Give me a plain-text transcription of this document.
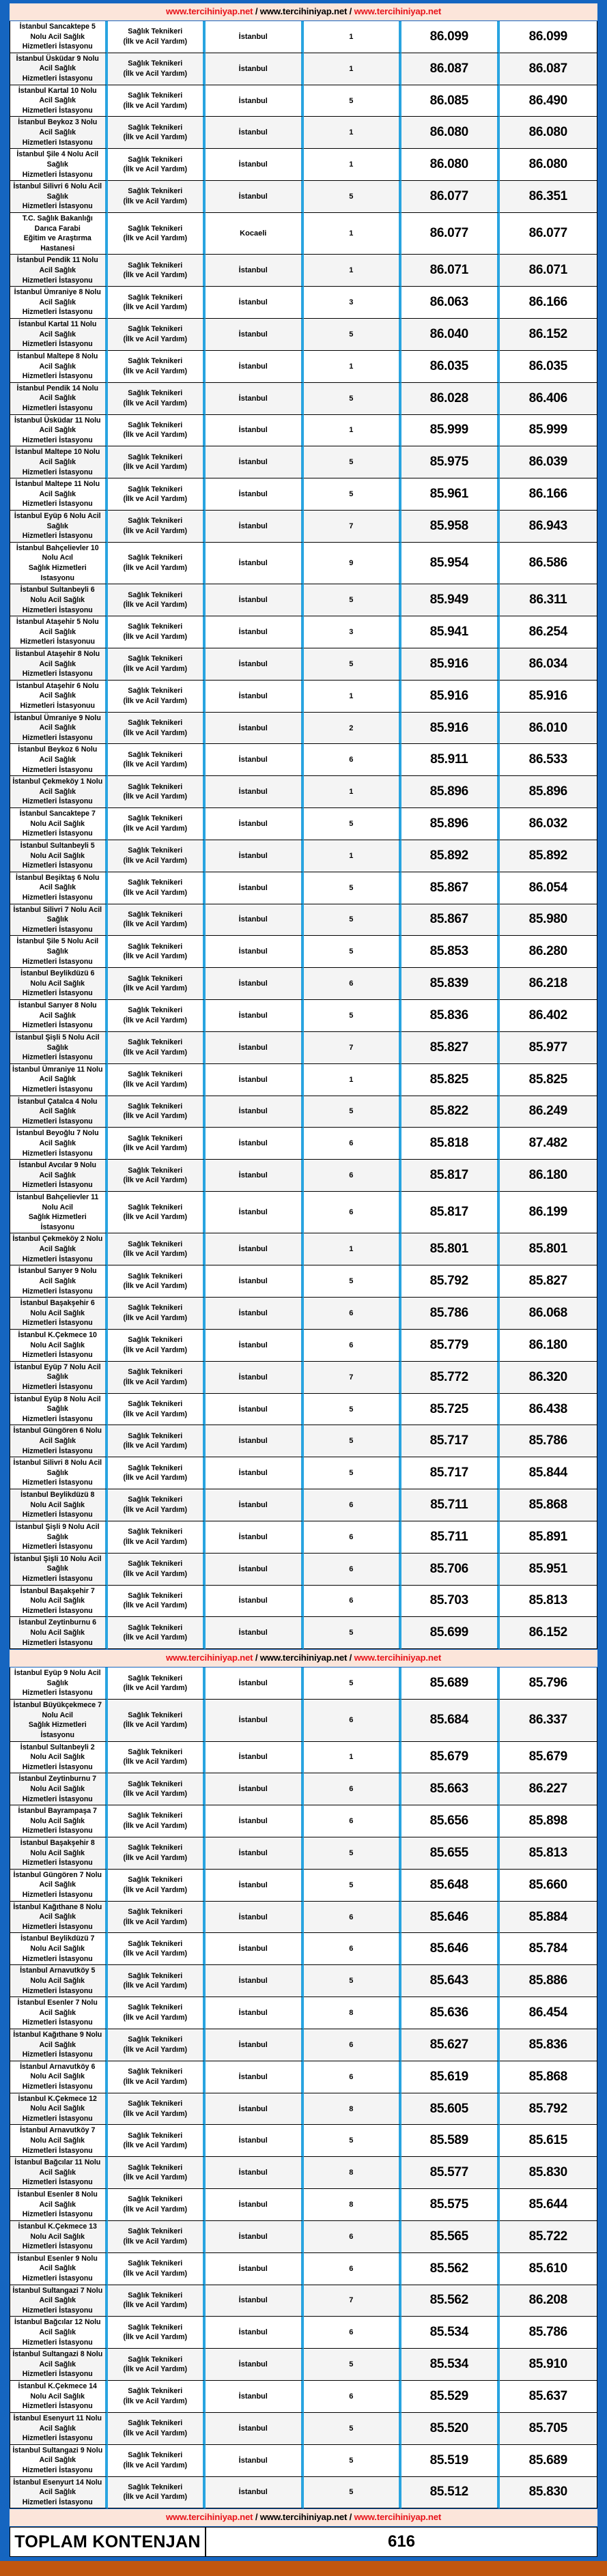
www.tercihiniyap.net / www.tercihiniyap.net / www.tercihiniyap.net					

İstanbul Sancaktepe 5 Nolu Acil Sağlık
Hizmetleri İstasyonu	Sağlık Teknikeri
(İlk ve Acil Yardım)	İstanbul	1	86.099	86.099

İstanbul Üsküdar 9 Nolu Acil Sağlık
Hizmetleri İstasyonu	Sağlık Teknikeri
(İlk ve Acil Yardım)	İstanbul	1	86.087	86.087

İstanbul Kartal 10 Nolu Acil Sağlık
Hizmetleri İstasyonu	Sağlık Teknikeri
(İlk ve Acil Yardım)	İstanbul	5	86.085	86.490

İstanbul Beykoz 3 Nolu Acil Sağlık
Hizmetleri Istasyonu	Sağlık Teknikeri
(İlk ve Acil Yardım)	İstanbul	1	86.080	86.080

İstanbul Şile 4 Nolu Acil Sağlık
Hizmetleri İstasyonu	Sağlık Teknikeri
(İlk ve Acil Yardım)	İstanbul	1	86.080	86.080

İstanbul Silivri 6 Nolu Acil Sağlık
Hizmetleri İstasyonu	Sağlık Teknikeri
(İlk ve Acil Yardım)	İstanbul	5	86.077	86.351

T.C. Sağlık Bakanlığı Darıca Farabi
Eğitim ve Araştırma Hastanesi	Sağlık Teknikeri
(İlk ve Acil Yardım)	Kocaeli	1	86.077	86.077

İstanbul Pendik 11 Nolu Acil Sağlık
Hizmetleri İstasyonu	Sağlık Teknikeri
(İlk ve Acil Yardım)	İstanbul	1	86.071	86.071

İstanbul Ümraniye 8 Nolu Acil Sağlık
Hizmetleri İstasyonu	Sağlık Teknikeri
(İlk ve Acil Yardım)	İstanbul	3	86.063	86.166

İstanbul Kartal 11 Nolu Acil Sağlık
Hizmetleri İstasyonu	Sağlık Teknikeri
(İlk ve Acil Yardım)	İstanbul	5	86.040	86.152

İstanbul Maltepe 8 Nolu Acil Sağlık
Hizmetleri İstasyonu	Sağlık Teknikeri
(İlk ve Acil Yardım)	İstanbul	1	86.035	86.035

İstanbul Pendik 14 Nolu Acil Sağlık
Hizmetleri İstasyonu	Sağlık Teknikeri
(İlk ve Acil Yardım)	İstanbul	5	86.028	86.406

İstanbul Üsküdar 11 Nolu Acil Sağlık
Hizmetleri İstasyonu	Sağlık Teknikeri
(İlk ve Acil Yardım)	İstanbul	1	85.999	85.999

İstanbul Maltepe 10 Nolu Acil Sağlık
Hizmetleri İstasyonu	Sağlık Teknikeri
(İlk ve Acil Yardım)	İstanbul	5	85.975	86.039

İstanbul Maltepe 11 Nolu Acil Sağlık
Hizmetleri İstasyonu	Sağlık Teknikeri
(İlk ve Acil Yardım)	İstanbul	5	85.961	86.166

İstanbul Eyüp 6 Nolu Acil Sağlık
Hizmetleri İstasyonu	Sağlık Teknikeri
(İlk ve Acil Yardım)	İstanbul	7	85.958	86.943

İstanbul Bahçelievler 10 Nolu Acıl
Sağlık Hizmetleri Istasyonu	Sağlık Teknikeri
(İlk ve Acil Yardım)	İstanbul	9	85.954	86.586

İstanbul Sultanbeyli 6 Nolu Acil Sağlık
Hizmetleri İstasyonu	Sağlık Teknikeri
(İlk ve Acil Yardım)	İstanbul	5	85.949	86.311

İstanbul Ataşehir 5 Nolu Acil Sağlık
Hizmetleri İstasyonuu	Sağlık Teknikeri
(İlk ve Acil Yardım)	İstanbul	3	85.941	86.254

İistanbul Ataşehir 8 Nolu Acil Sağlık
Hizmetleri İstasyonu	Sağlık Teknikeri
(İlk ve Acil Yardım)	İstanbul	5	85.916	86.034

İstanbul Ataşehir 6 Nolu Acil Sağlık
Hizmetleri İstasyonuu	Sağlık Teknikeri
(İlk ve Acil Yardım)	İstanbul	1	85.916	85.916

İstanbul Ümraniye 9 Nolu Acil Sağlık
Hizmetleri İstasyonu	Sağlık Teknikeri
(İlk ve Acil Yardım)	İstanbul	2	85.916	86.010

İstanbul Beykoz 6 Nolu Acil Sağlık
Hizmetleri İstasyonu	Sağlık Teknikeri
(İlk ve Acil Yardım)	İstanbul	6	85.911	86.533

İstanbul Çekmeköy 1 Nolu Acil Sağlık
Hizmetleri İstasyonu	Sağlık Teknikeri
(İlk ve Acil Yardım)	İstanbul	1	85.896	85.896

İstanbul Sancaktepe 7 Nolu Acil Sağlık
Hizmetleri İstasyonu	Sağlık Teknikeri
(İlk ve Acil Yardım)	İstanbul	5	85.896	86.032

İstanbul Sultanbeyli 5 Nolu Acil Sağlık
Hizmetleri İstasyonu	Sağlık Teknikeri
(İlk ve Acil Yardım)	İstanbul	1	85.892	85.892

İstanbul Beşiktaş 6 Nolu Acil Sağlık
Hizmetleri İstasyonu	Sağlık Teknikeri
(İlk ve Acil Yardım)	İstanbul	5	85.867	86.054

İstanbul Silivri 7 Nolu Acil Sağlık
Hizmetleri İstasyonu	Sağlık Teknikeri
(İlk ve Acil Yardım)	İstanbul	5	85.867	85.980

İstanbul Şile 5 Nolu Acil Sağlık
Hizmetleri İstasyonu	Sağlık Teknikeri
(İlk ve Acil Yardım)	İstanbul	5	85.853	86.280

İstanbul Beylikdüzü 6 Nolu Acil Sağlık
Hizmetleri İstasyonu	Sağlık Teknikeri
(İlk ve Acil Yardım)	İstanbul	6	85.839	86.218

İstanbul Sarıyer 8 Nolu Acil Sağlık
Hizmetleri İstasyonu	Sağlık Teknikeri
(İlk ve Acil Yardım)	İstanbul	5	85.836	86.402

İstanbul Şişli 5 Nolu Acil Sağlık
Hizmetleri İstasyonu	Sağlık Teknikeri
(İlk ve Acil Yardım)	İstanbul	7	85.827	85.977

İstanbul Ümraniye 11 Nolu Acil Sağlık
Hizmetleri İstasyonu	Sağlık Teknikeri
(İlk ve Acil Yardım)	İstanbul	1	85.825	85.825

İstanbul Çatalca 4 Nolu Acil Sağlık
Hizmetleri İstasyonu	Sağlık Teknikeri
(İlk ve Acil Yardım)	İstanbul	5	85.822	86.249

İstanbul Beyoğlu 7 Nolu Acil Sağlık
Hizmetleri İstasyonu	Sağlık Teknikeri
(İlk ve Acil Yardım)	İstanbul	6	85.818	87.482

İstanbul Avcılar 9 Nolu Acil Sağlık
Hizmetleri İstasyonu	Sağlık Teknikeri
(İlk ve Acil Yardım)	İstanbul	6	85.817	86.180

İstanbul Bahçelievler 11 Nolu Acil
Sağlık Hizmetleri İstasyonu	Sağlık Teknikeri
(İlk ve Acil Yardım)	İstanbul	6	85.817	86.199

İstanbul Çekmeköy 2 Nolu Acil Sağlık
Hizmetleri İstasyonu	Sağlık Teknikeri
(İlk ve Acil Yardım)	İstanbul	1	85.801	85.801

İstanbul Sarıyer 9 Nolu Acil Sağlık
Hizmetleri İstasyonu	Sağlık Teknikeri
(İlk ve Acil Yardım)	İstanbul	5	85.792	85.827

İstanbul Başakşehir 6 Nolu Acil Sağlık
Hizmetleri İstasyonu	Sağlık Teknikeri
(İlk ve Acil Yardım)	İstanbul	6	85.786	86.068

İstanbul K.Çekmece 10 Nolu Acil Sağlık
Hizmetleri İstasyonu	Sağlık Teknikeri
(İlk ve Acil Yardım)	İstanbul	6	85.779	86.180

İstanbul Eyüp 7 Nolu Acil Sağlık
Hizmetleri İstasyonu	Sağlık Teknikeri
(İlk ve Acil Yardım)	İstanbul	7	85.772	86.320

İstanbul Eyüp 8 Nolu Acil Sağlık
Hizmetleri İstasyonu	Sağlık Teknikeri
(İlk ve Acil Yardım)	İstanbul	5	85.725	86.438

İstanbul Güngören 6 Nolu Acil Sağlık
Hizmetleri İstasyonu	Sağlık Teknikeri
(İlk ve Acil Yardım)	İstanbul	5	85.717	85.786

İstanbul Silivri 8 Nolu Acil Sağlık
Hizmetleri İstasyonu	Sağlık Teknikeri
(İlk ve Acil Yardım)	İstanbul	5	85.717	85.844

İstanbul Beylikdüzü 8 Nolu Acil Sağlık
Hizmetleri İstasyonu	Sağlık Teknikeri
(İlk ve Acil Yardım)	İstanbul	6	85.711	85.868

İstanbul Şişli 9 Nolu Acil Sağlık
Hizmetleri İstasyonu	Sağlık Teknikeri
(İlk ve Acil Yardım)	İstanbul	6	85.711	85.891

İstanbul Şişli 10 Nolu Acil Sağlık
Hizmetleri İstasyonu	Sağlık Teknikeri
(İlk ve Acil Yardım)	İstanbul	6	85.706	85.951

İstanbul Başakşehir 7 Nolu Acil Sağlık
Hizmetleri İstasyonu	Sağlık Teknikeri
(İlk ve Acil Yardım)	İstanbul	6	85.703	85.813

İstanbul Zeytinburnu 6 Nolu Acil Sağlık
Hizmetleri İstasyonu	Sağlık Teknikeri
(İlk ve Acil Yardım)	İstanbul	5	85.699	86.152

www.tercihiniyap.net / www.tercihiniyap.net / www.tercihiniyap.net					

İstanbul Eyüp 9 Nolu Acil Sağlık
Hizmetleri İstasyonu	Sağlık Teknikeri
(İlk ve Acil Yardım)	İstanbul	5	85.689	85.796

İstanbul Büyükçekmece 7 Nolu Acil
Sağlık Hizmetleri İstasyonu	Sağlık Teknikeri
(İlk ve Acil Yardım)	İstanbul	6	85.684	86.337

İstanbul Sultanbeyli 2 Nolu Acil Sağlık
Hizmetleri İstasyonu	Sağlık Teknikeri
(İlk ve Acil Yardım)	İstanbul	1	85.679	85.679

İstanbul Zeytinburnu 7 Nolu Acil Sağlık
Hizmetleri İstasyonu	Sağlık Teknikeri
(İlk ve Acil Yardım)	İstanbul	6	85.663	86.227

İstanbul Bayrampaşa 7 Nolu Acil Sağlık
Hizmetleri İstasyonu	Sağlık Teknikeri
(İlk ve Acil Yardım)	İstanbul	6	85.656	85.898

İstanbul Başakşehir 8 Nolu Acil Sağlık
Hizmetleri İstasyonu	Sağlık Teknikeri
(İlk ve Acil Yardım)	İstanbul	5	85.655	85.813

İstanbul Güngören 7 Nolu Acil Sağlık
Hizmetleri İstasyonu	Sağlık Teknikeri
(İlk ve Acil Yardım)	İstanbul	5	85.648	85.660

İstanbul Kağıthane 8 Nolu Acil Sağlık
Hizmetleri İstasyonu	Sağlık Teknikeri
(İlk ve Acil Yardım)	İstanbul	6	85.646	85.884

İstanbul Beylikdüzü 7 Nolu Acil Sağlık
Hizmetleri İstasyonu	Sağlık Teknikeri
(İlk ve Acil Yardım)	İstanbul	6	85.646	85.784

İstanbul Arnavutköy 5 Nolu Acil Sağlık
Hizmetleri İstasyonu	Sağlık Teknikeri
(İlk ve Acil Yardım)	İstanbul	5	85.643	85.886

İstanbul Esenler 7 Nolu Acil Sağlık
Hizmetleri İstasyonu	Sağlık Teknikeri
(İlk ve Acil Yardım)	İstanbul	8	85.636	86.454

İstanbul Kağıthane 9 Nolu Acil Sağlık
Hizmetleri İstasyonu	Sağlık Teknikeri
(İlk ve Acil Yardım)	İstanbul	6	85.627	85.836

İstanbul Arnavutköy 6 Nolu Acil Sağlık
Hizmetleri İstasyonu	Sağlık Teknikeri
(İlk ve Acil Yardım)	İstanbul	6	85.619	85.868

İstanbul K.Çekmece 12 Nolu Acil Sağlık
Hizmetleri İstasyonu	Sağlık Teknikeri
(İlk ve Acil Yardım)	İstanbul	8	85.605	85.792

İstanbul Arnavutköy 7 Nolu Acil Sağlık
Hizmetleri İstasyonu	Sağlık Teknikeri
(İlk ve Acil Yardım)	İstanbul	5	85.589	85.615

İstanbul Bağcılar 11 Nolu Acil Sağlık
Hizmetleri İstasyonu	Sağlık Teknikeri
(İlk ve Acil Yardım)	İstanbul	8	85.577	85.830

İstanbul Esenler 8 Nolu Acil Sağlık
Hizmetleri İstasyonu	Sağlık Teknikeri
(İlk ve Acil Yardım)	İstanbul	8	85.575	85.644

İstanbul K.Çekmece 13 Nolu Acil Sağlık
Hizmetleri İstasyonu	Sağlık Teknikeri
(İlk ve Acil Yardım)	İstanbul	6	85.565	85.722

İstanbul Esenler 9 Nolu Acil Sağlık
Hizmetleri İstasyonu	Sağlık Teknikeri
(İlk ve Acil Yardım)	İstanbul	6	85.562	85.610

İstanbul Sultangazi 7 Nolu Acil Sağlık
Hizmetleri İstasyonu	Sağlık Teknikeri
(İlk ve Acil Yardım)	İstanbul	7	85.562	86.208

İstanbul Bağcılar 12 Nolu Acil Sağlık
Hizmetleri İstasyonu	Sağlık Teknikeri
(İlk ve Acil Yardım)	İstanbul	6	85.534	85.786

İstanbul Sultangazi 8 Nolu Acil Sağlık
Hizmetleri İstasyonu	Sağlık Teknikeri
(İlk ve Acil Yardım)	İstanbul	5	85.534	85.910

İstanbul K.Çekmece 14 Nolu Acil Sağlık
Hizmetleri İstasyonu	Sağlık Teknikeri
(İlk ve Acil Yardım)	İstanbul	6	85.529	85.637

İstanbul Esenyurt 11 Nolu Acil Sağlık
Hizmetleri İstasyonu	Sağlık Teknikeri
(İlk ve Acil Yardım)	İstanbul	5	85.520	85.705

İstanbul Sultangazi 9 Nolu Acil Sağlık
Hizmetleri İstasyonu	Sağlık Teknikeri
(İlk ve Acil Yardım)	İstanbul	5	85.519	85.689

İstanbul Esenyurt 14 Nolu Acil Sağlık
Hizmetleri İstasyonu	Sağlık Teknikeri
(İlk ve Acil Yardım)	İstanbul	5	85.512	85.830

www.tercihiniyap.net / www.tercihiniyap.net / www.tercihiniyap.net					
TOPLAM KONTENJAN		616			
